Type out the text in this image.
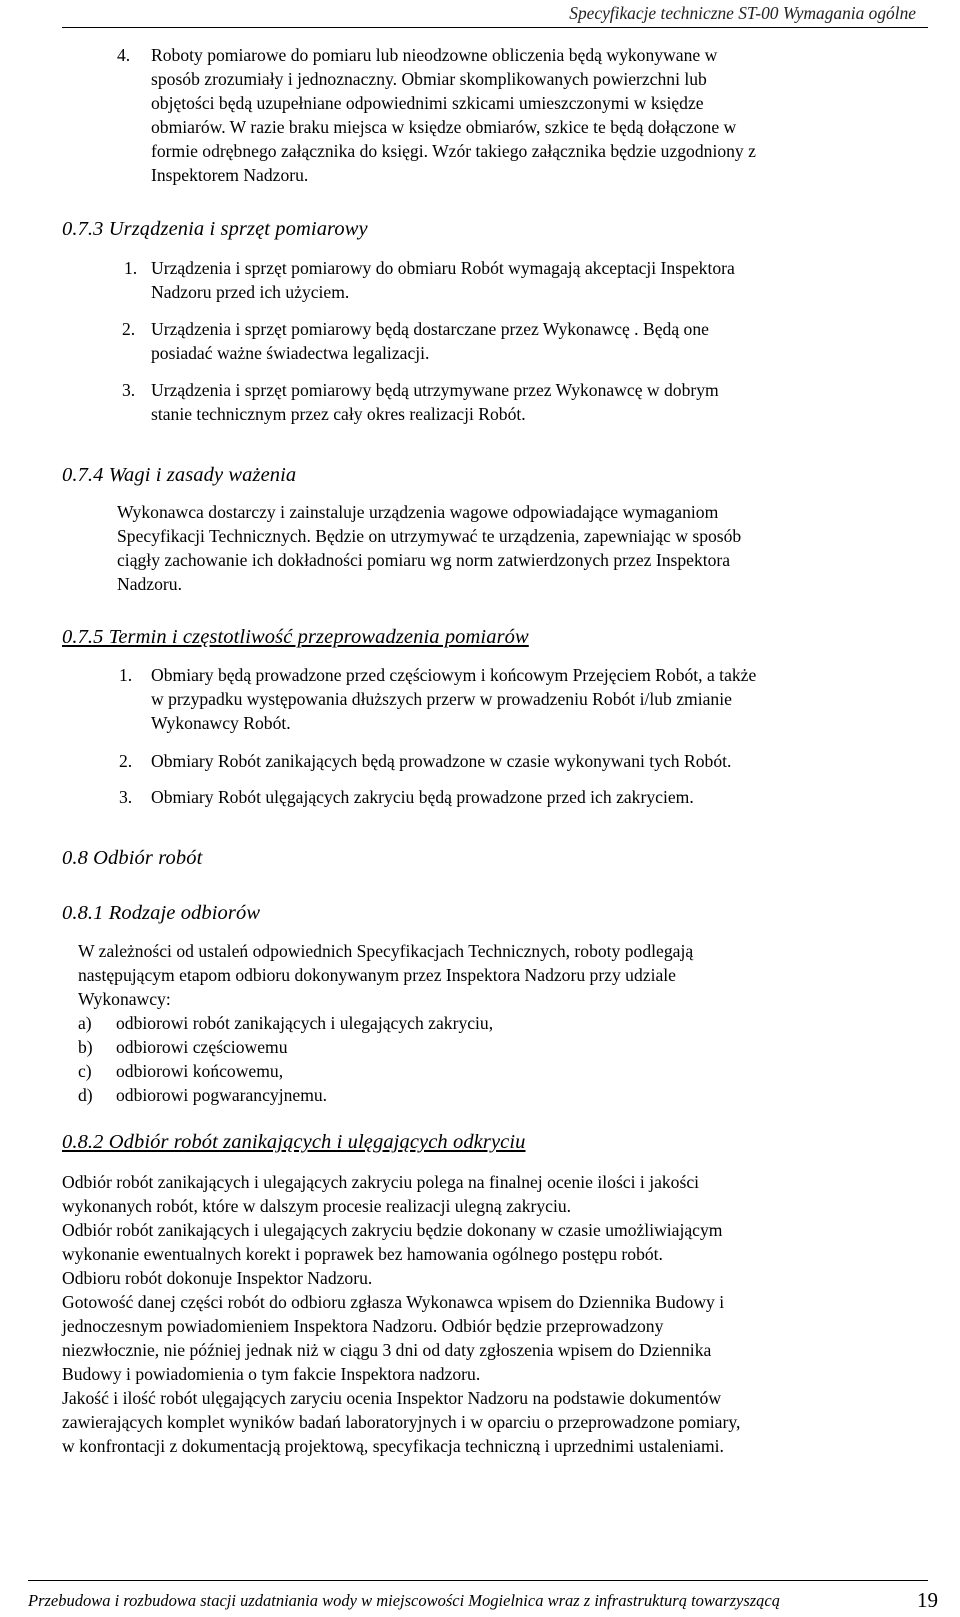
Specyfikacje techniczne ST-00 Wymagania ogólne
4.	Roboty pomiarowe do pomiaru lub nieodzowne obliczenia będą wykonywane w
sposób zrozumiały i jednoznaczny. Obmiar skomplikowanych powierzchni lub
objętości będą uzupełniane odpowiednimi szkicami umieszczonymi w księdze
obmiarów. W razie braku miejsca w księdze obmiarów, szkice te będą dołączone w
formie odrębnego załącznika do księgi. Wzór takiego załącznika będzie uzgodniony z
Inspektorem Nadzoru.
0.7.3 Urządzenia i sprzęt pomiarowy
1. Urządzenia i sprzęt pomiarowy do obmiaru Robót wymagają akceptacji Inspektora
Nadzoru przed ich użyciem.
2. Urządzenia i sprzęt pomiarowy będą dostarczane przez Wykonawcę . Będą one
posiadać ważne świadectwa legalizacji.
3. Urządzenia i sprzęt pomiarowy będą utrzymywane przez Wykonawcę w dobrym
stanie technicznym przez cały okres realizacji Robót.
0.7.4 Wagi i zasady ważenia
Wykonawca dostarczy i zainstaluje urządzenia wagowe odpowiadające wymaganiom
Specyfikacji Technicznych. Będzie on utrzymywać te urządzenia, zapewniając w sposób
ciągły zachowanie ich dokładności pomiaru wg norm zatwierdzonych przez Inspektora
Nadzoru.
0.7.5 Termin i częstotliwość przeprowadzenia pomiarów
1.	Obmiary będą prowadzone przed częściowym i końcowym Przejęciem Robót, a także
w przypadku występowania dłuższych przerw w prowadzeniu Robót i/lub zmianie
Wykonawcy Robót.
2.	Obmiary Robót zanikających będą prowadzone w czasie wykonywani tych Robót.
3.	Obmiary Robót ulęgających zakryciu będą prowadzone przed ich zakryciem.
0.8 Odbiór robót
0.8.1 Rodzaje odbiorów
W zależności od ustaleń odpowiednich Specyfikacjach Technicznych, roboty podlegają
następującym etapom odbioru dokonywanym przez Inspektora Nadzoru przy udziale
Wykonawcy:
a) odbiorowi robót zanikających i ulegających zakryciu,
b) odbiorowi częściowemu
c) odbiorowi końcowemu,
d) odbiorowi pogwarancyjnemu.
0.8.2 Odbiór robót zanikających i ulęgających odkryciu
Odbiór robót zanikających i ulegających zakryciu polega na finalnej ocenie ilości i jakości
wykonanych robót, które w dalszym procesie realizacji ulegną zakryciu.
Odbiór robót zanikających i ulegających zakryciu będzie dokonany w czasie umożliwiającym
wykonanie ewentualnych korekt i poprawek bez hamowania ogólnego postępu robót.
Odbioru robót dokonuje Inspektor Nadzoru.
Gotowość danej części robót do odbioru zgłasza Wykonawca wpisem do Dziennika Budowy i
jednoczesnym powiadomieniem Inspektora Nadzoru. Odbiór będzie przeprowadzony
niezwłocznie, nie później jednak niż w ciągu 3 dni od daty zgłoszenia wpisem do Dziennika
Budowy i powiadomienia o tym fakcie Inspektora nadzoru.
Jakość i ilość robót ulęgających zaryciu ocenia Inspektor Nadzoru na podstawie dokumentów
zawierających komplet wyników badań laboratoryjnych i w oparciu o przeprowadzone pomiary,
w konfrontacji z dokumentacją projektową, specyfikacja techniczną i uprzednimi ustaleniami.
Przebudowa i rozbudowa stacji uzdatniania wody w miejscowości Mogielnica wraz z infrastrukturą towarzyszącą	19
